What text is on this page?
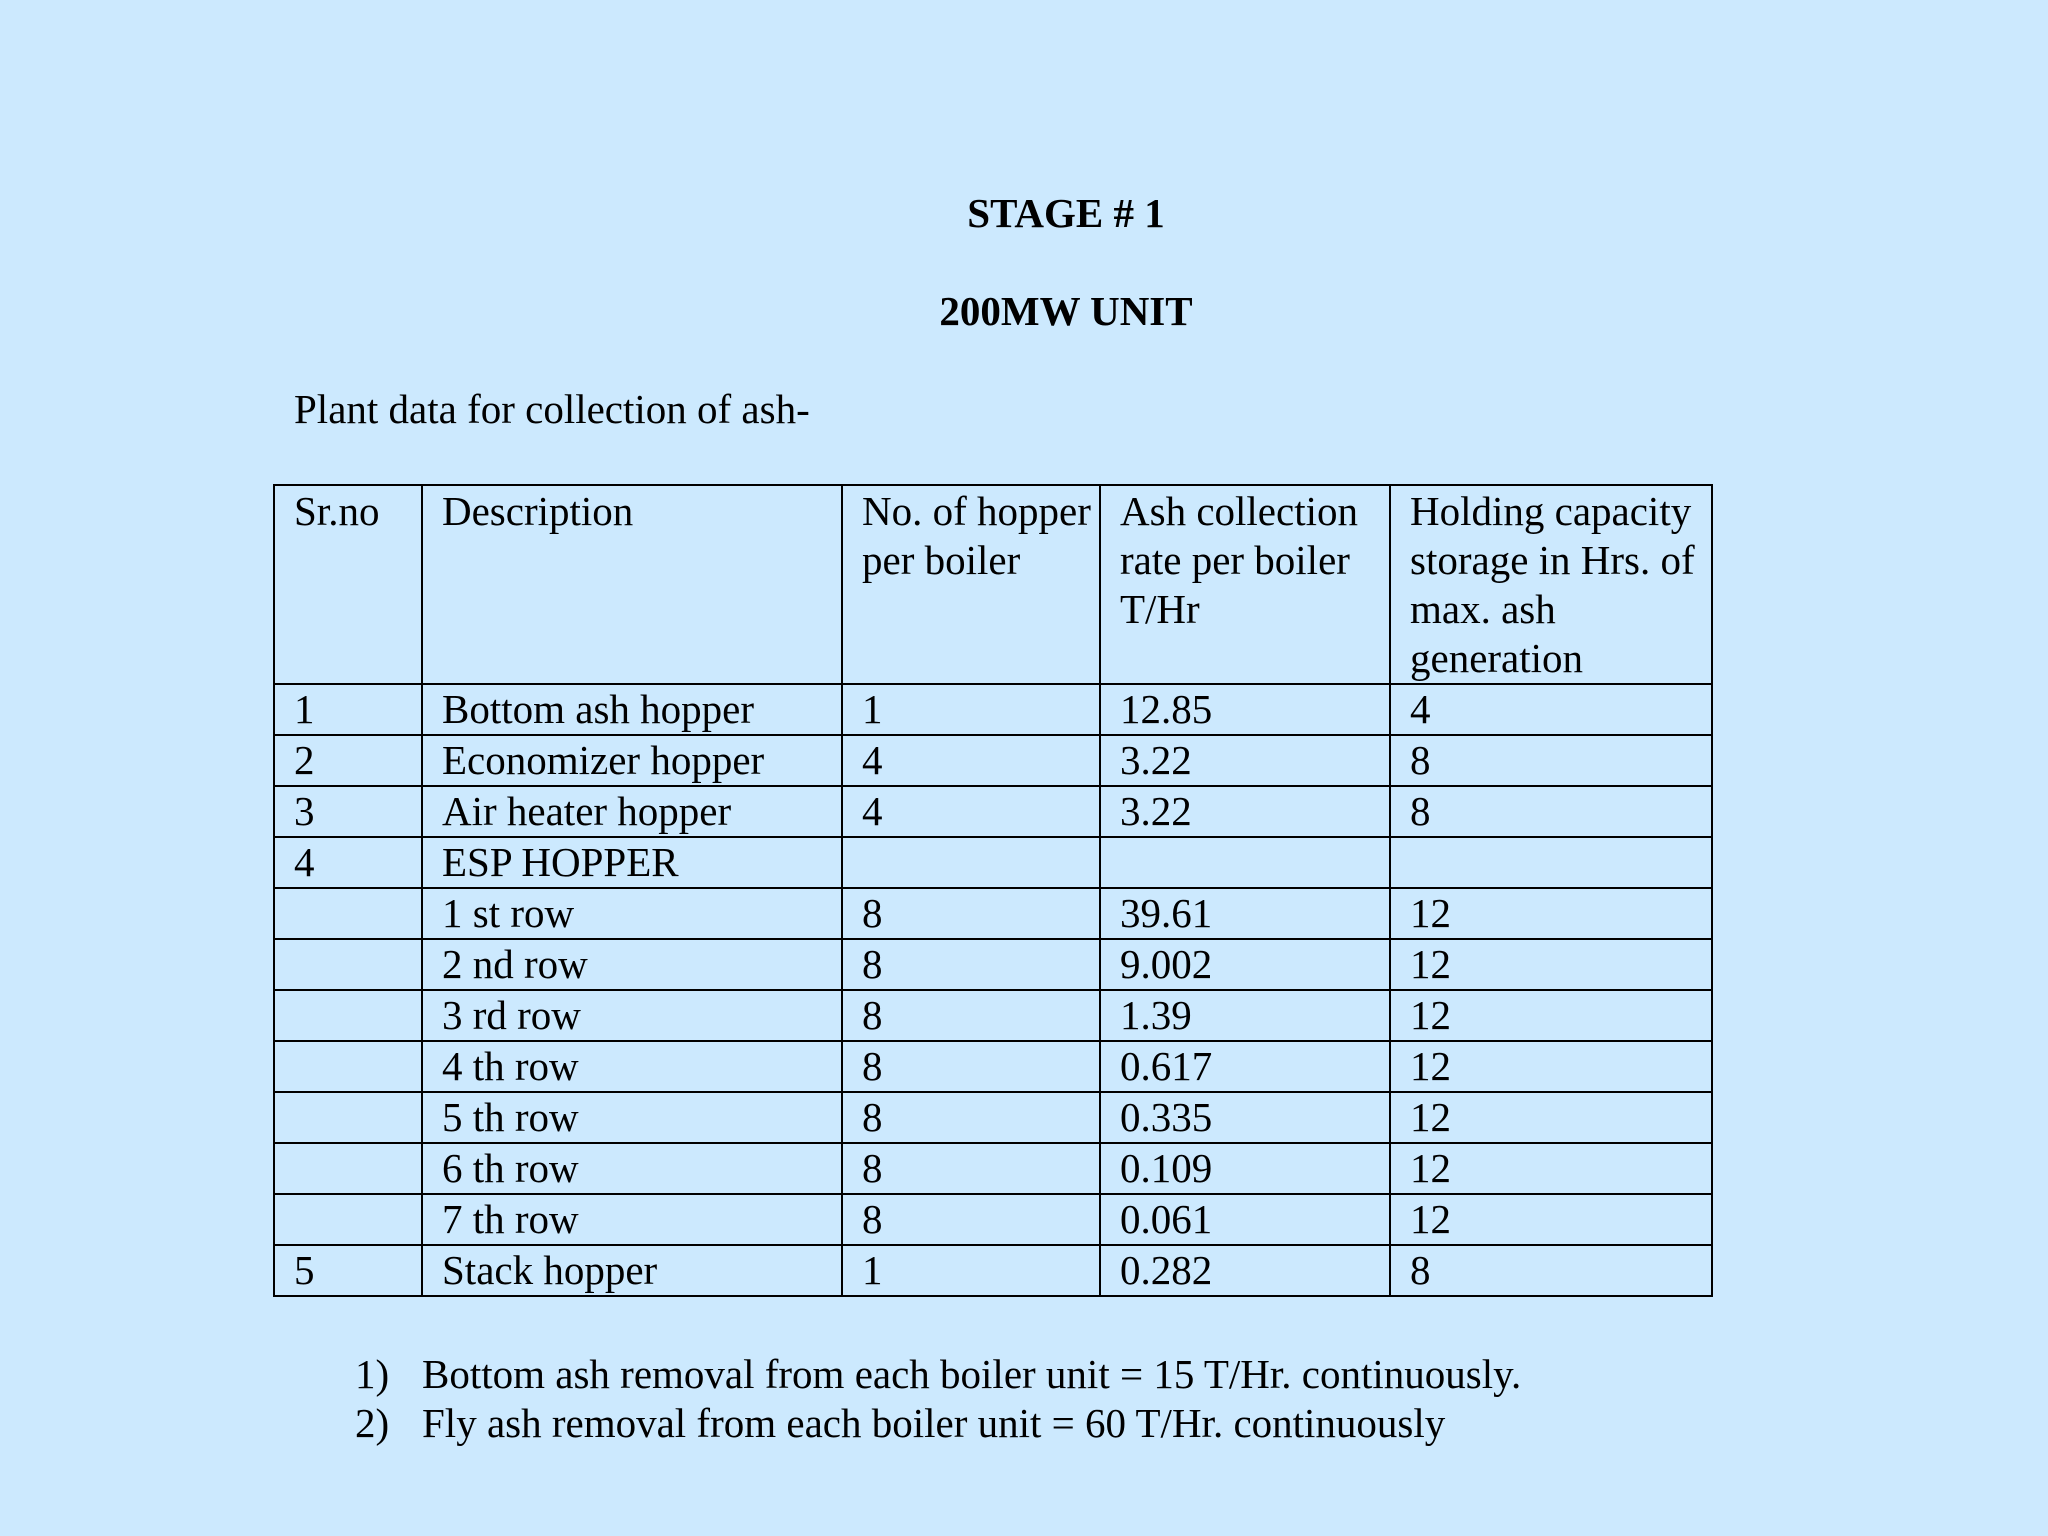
STAGE # 1
200MW UNIT

Plant data for collection of ash-

Sr.no	Description	No. of hopper per boiler	Ash collection rate per boiler T/Hr	Holding capacity storage in Hrs. of max. ash generation
1	Bottom ash hopper	1	12.85	4
2	Economizer hopper	4	3.22	8
3	Air heater hopper	4	3.22	8
4	ESP HOPPER			
	1 st row	8	39.61	12
	2 nd row	8	9.002	12
	3 rd row	8	1.39	12
	4 th row	8	0.617	12
	5 th row	8	0.335	12
	6 th row	8	0.109	12
	7 th row	8	0.061	12
5	Stack hopper	1	0.282	8
1) Bottom ash removal from each boiler unit = 15 T/Hr. continuously.
2) Fly ash removal from each boiler unit = 60 T/Hr. continuously
